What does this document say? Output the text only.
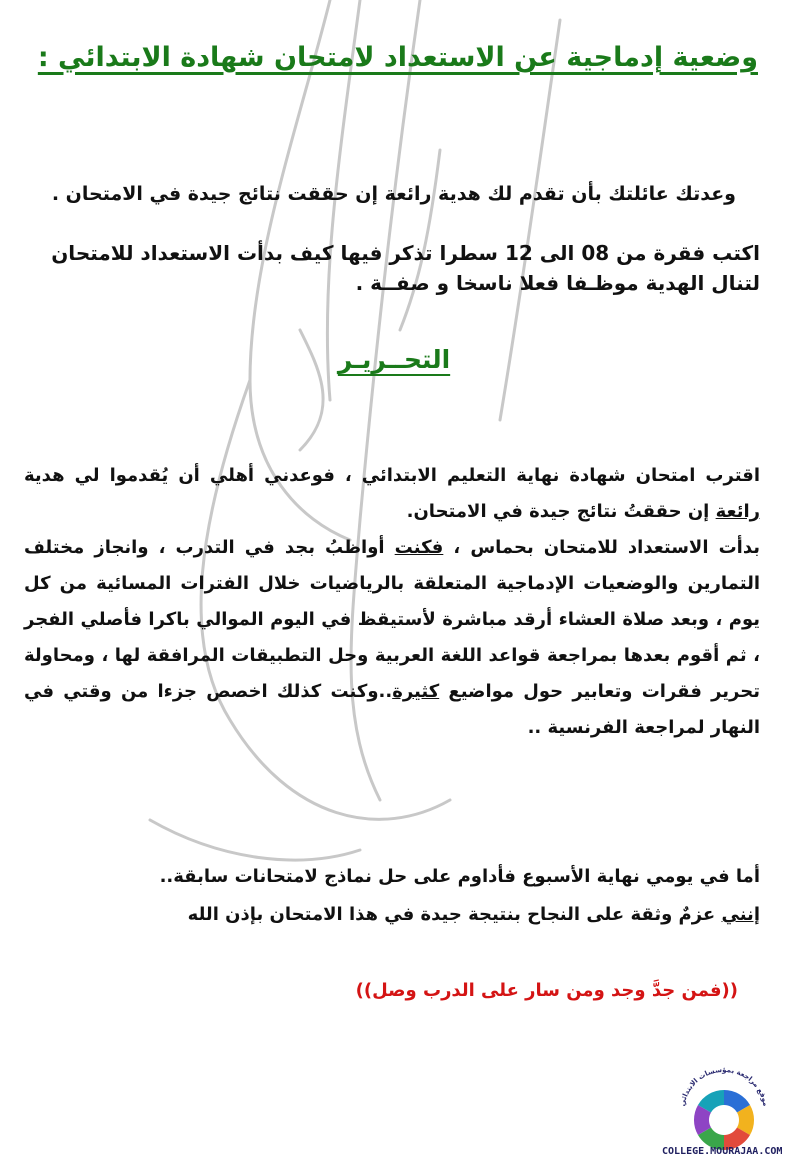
وضعية إدماجية عن الاستعداد لامتحان شهادة الابتدائي :
وعدتك عائلتك بأن تقدم لك هدية رائعة إن حققت نتائج جيدة في الامتحان .
اكتب فقرة من 08 الى 12 سطرا تذكر فيها كيف بدأت الاستعداد للامتحان لتنال الهدية موظـفا فعلا ناسخا و صفــة .
التحــريـر

اقترب امتحان شهادة نهاية التعليم الابتدائي ، فوعدني أهلي أن يُقدموا لي هدية رائعة إن حققتُ نتائج جيدة في الامتحان.

بدأت الاستعداد للامتحان بحماس ، فكنت أواظبُ بجد في التدرب ، وانجاز مختلف التمارين والوضعيات الإدماجية المتعلقة بالرياضيات خلال الفترات المسائية من كل يوم ، وبعد صلاة العشاء أرقد مباشرة لأستيقظ في اليوم الموالي باكرا فأصلي الفجر ، ثم أقوم بعدها بمراجعة قواعد اللغة العربية وحل التطبيقات المرافقة لها ، ومحاولة تحرير فقرات وتعابير حول مواضيع كثيرة..وكنت كذلك اخصص جزءا من وقتي في النهار لمراجعة الفرنسية ..

أما في يومي نهاية الأسبوع فأداوم على حل نماذج لامتحانات سابقة..

إنني عزمٌ وثقة على النجاح بنتيجة جيدة في هذا الامتحان بإذن الله

((فمن جدَّ وجد ومن سار على الدرب وصل))
موقع مراجعة بمؤسسات الابتدائي
COLLEGE.MOURAJAA.COM
